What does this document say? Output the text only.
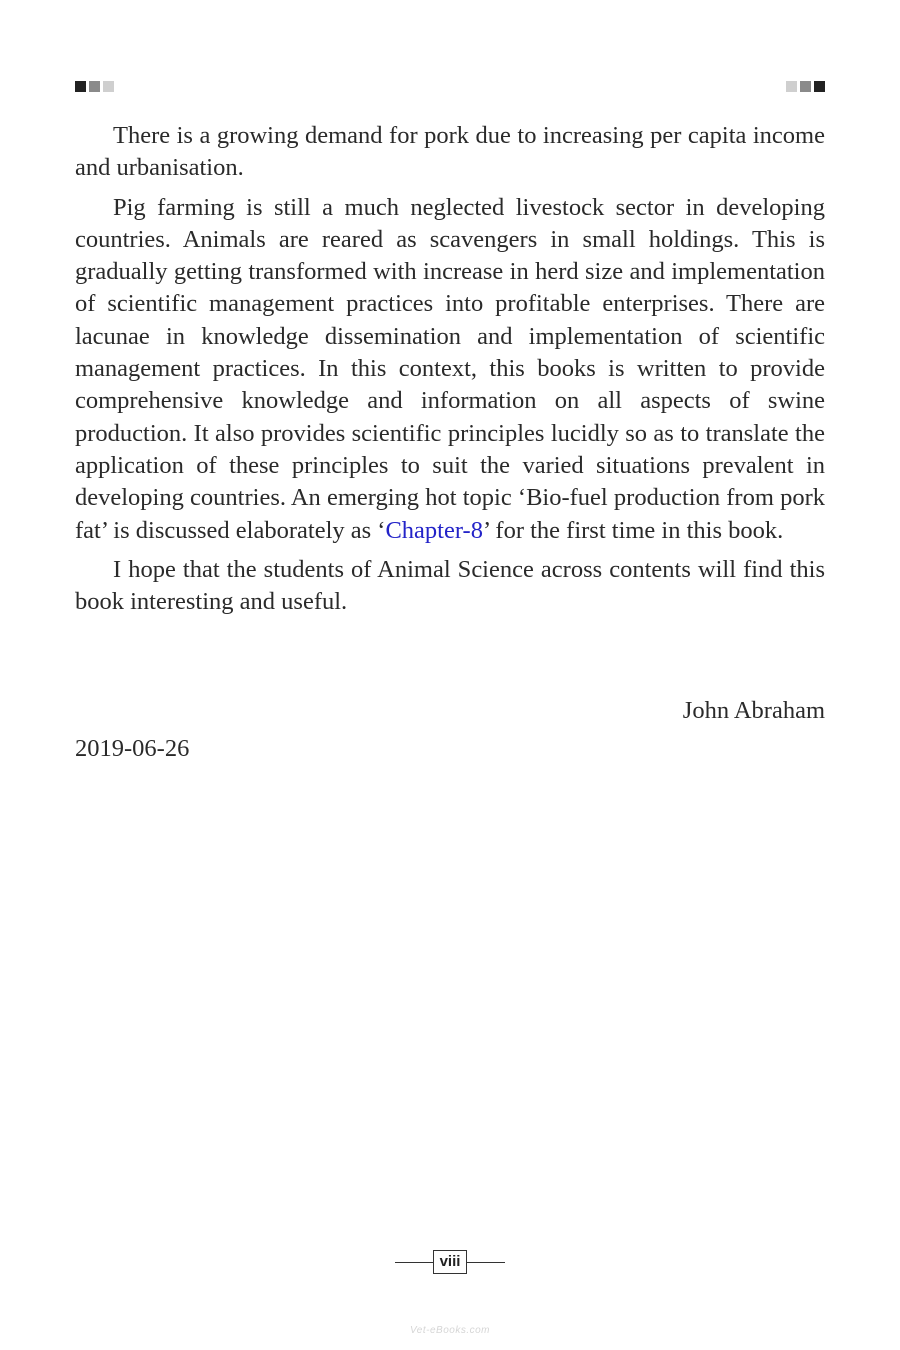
There is a growing demand for pork due to increasing per capita income and urbanisation.

Pig farming is still a much neglected livestock sector in developing countries. Animals are reared as scavengers in small holdings. This is gradually getting transformed with increase in herd size and implementation of scientific management practices into profitable enterprises. There are lacunae in knowledge dissemination and implementation of scientific management practices. In this context, this books is written to provide comprehensive knowledge and information on all aspects of swine production. It also provides scientific principles lucidly so as to translate the application of these principles to suit the varied situations prevalent in developing countries. An emerging hot topic ‘Bio-fuel production from pork fat’ is discussed elaborately as ‘Chapter-8’ for the first time in this book.

I hope that the students of Animal Science across contents will find this book interesting and useful.

John Abraham
2019-06-26
viii
Vet-eBooks.com
